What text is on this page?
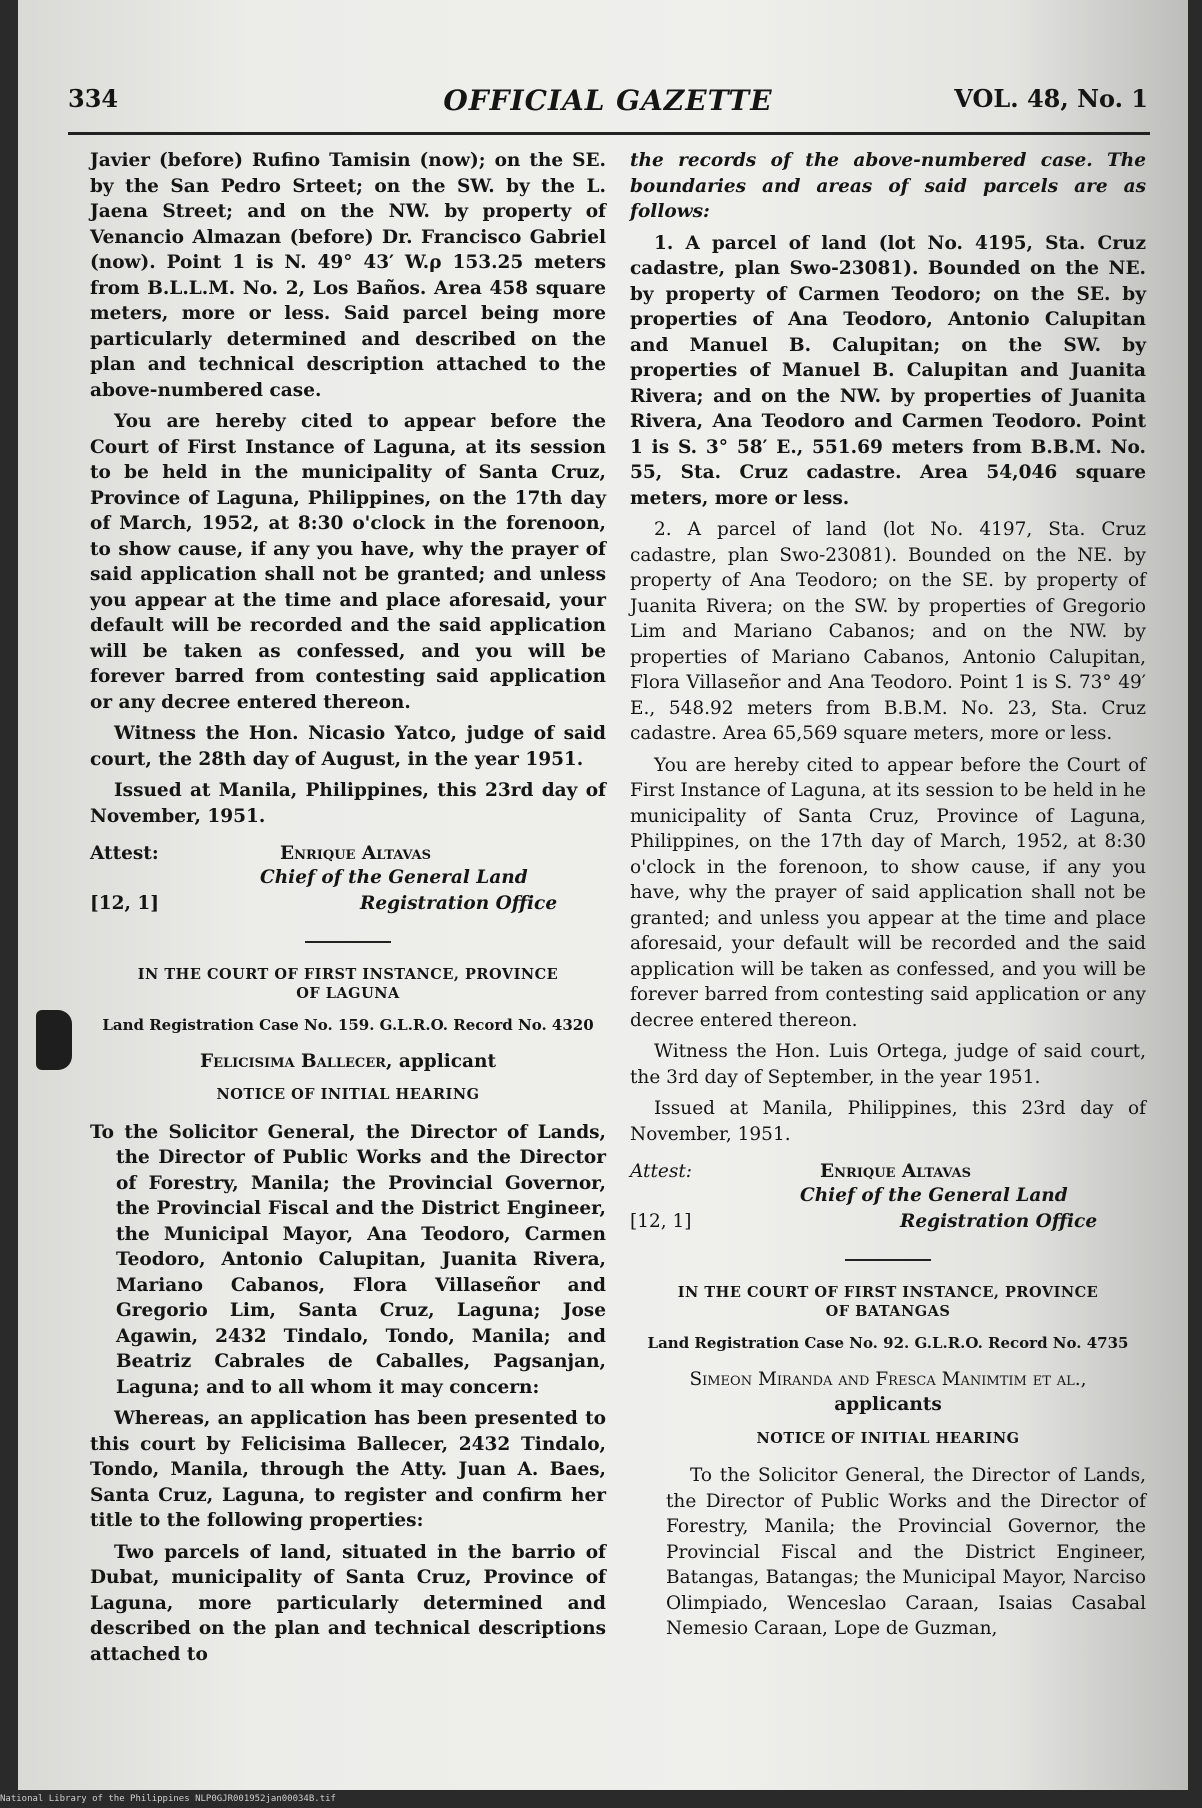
334	OFFICIAL GAZETTE	VOL. 48, No. 1

Javier (before) Rufino Tamisin (now); on the SE. by the San Pedro Srteet; on the SW. by the L. Jaena Street; and on the NW. by property of Venancio Almazan (before) Dr. Francisco Gabriel (now). Point 1 is N. 49° 43′ W.ρ 153.25 meters from B.L.L.M. No. 2, Los Baños. Area 458 square meters, more or less. Said parcel being more particularly determined and described on the plan and technical description attached to the above-numbered case.

You are hereby cited to appear before the Court of First Instance of Laguna, at its session to be held in the municipality of Santa Cruz, Province of Laguna, Philippines, on the 17th day of March, 1952, at 8:30 o'clock in the forenoon, to show cause, if any you have, why the prayer of said application shall not be granted; and unless you appear at the time and place aforesaid, your default will be recorded and the said application will be taken as confessed, and you will be forever barred from contesting said application or any decree entered thereon.

Witness the Hon. Nicasio Yatco, judge of said court, the 28th day of August, in the year 1951.

Issued at Manila, Philippines, this 23rd day of November, 1951.

Attest:	Enrique Altavas
Chief of the General Land
[12, 1]	Registration Office
IN THE COURT OF FIRST INSTANCE, PROVINCE OF LAGUNA
Land Registration Case No. 159. G.L.R.O. Record No. 4320
Felicisima Ballecer, applicant
NOTICE OF INITIAL HEARING

To the Solicitor General, the Director of Lands, the Director of Public Works and the Director of Forestry, Manila; the Provincial Governor, the Provincial Fiscal and the District Engineer, the Municipal Mayor, Ana Teodoro, Carmen Teodoro, Antonio Calupitan, Juanita Rivera, Mariano Cabanos, Flora Villaseñor and Gregorio Lim, Santa Cruz, Laguna; Jose Agawin, 2432 Tindalo, Tondo, Manila; and Beatriz Cabrales de Caballes, Pagsanjan, Laguna; and to all whom it may concern:

Whereas, an application has been presented to this court by Felicisima Ballecer, 2432 Tindalo, Tondo, Manila, through the Atty. Juan A. Baes, Santa Cruz, Laguna, to register and confirm her title to the following properties:

Two parcels of land, situated in the barrio of Dubat, municipality of Santa Cruz, Province of Laguna, more particularly determined and described on the plan and technical descriptions attached to

the records of the above-numbered case. The boundaries and areas of said parcels are as follows:

1. A parcel of land (lot No. 4195, Sta. Cruz cadastre, plan Swo-23081). Bounded on the NE. by property of Carmen Teodoro; on the SE. by properties of Ana Teodoro, Antonio Calupitan and Manuel B. Calupitan; on the SW. by properties of Manuel B. Calupitan and Juanita Rivera; and on the NW. by properties of Juanita Rivera, Ana Teodoro and Carmen Teodoro. Point 1 is S. 3° 58′ E., 551.69 meters from B.B.M. No. 55, Sta. Cruz cadastre. Area 54,046 square meters, more or less.

2. A parcel of land (lot No. 4197, Sta. Cruz cadastre, plan Swo-23081). Bounded on the NE. by property of Ana Teodoro; on the SE. by property of Juanita Rivera; on the SW. by properties of Gregorio Lim and Mariano Cabanos; and on the NW. by properties of Mariano Cabanos, Antonio Calupitan, Flora Villaseñor and Ana Teodoro. Point 1 is S. 73° 49′ E., 548.92 meters from B.B.M. No. 23, Sta. Cruz cadastre. Area 65,569 square meters, more or less.

You are hereby cited to appear before the Court of First Instance of Laguna, at its session to be held in he municipality of Santa Cruz, Province of Laguna, Philippines, on the 17th day of March, 1952, at 8:30 o'clock in the forenoon, to show cause, if any you have, why the prayer of said application shall not be granted; and unless you appear at the time and place aforesaid, your default will be recorded and the said application will be taken as confessed, and you will be forever barred from contesting said application or any decree entered thereon.

Witness the Hon. Luis Ortega, judge of said court, the 3rd day of September, in the year 1951.

Issued at Manila, Philippines, this 23rd day of November, 1951.

Attest:	Enrique Altavas
Chief of the General Land
[12, 1]	Registration Office
IN THE COURT OF FIRST INSTANCE, PROVINCE OF BATANGAS
Land Registration Case No. 92. G.L.R.O. Record No. 4735
Simeon Miranda and Fresca Manimtim et al.,
applicants
NOTICE OF INITIAL HEARING

To the Solicitor General, the Director of Lands, the Director of Public Works and the Director of Forestry, Manila; the Provincial Governor, the Provincial Fiscal and the District Engineer, Batangas, Batangas; the Municipal Mayor, Narciso Olimpiado, Wenceslao Caraan, Isaias Casabal Nemesio Caraan, Lope de Guzman,

National Library of the Philippines NLP0GJR001952jan00034B.tif
